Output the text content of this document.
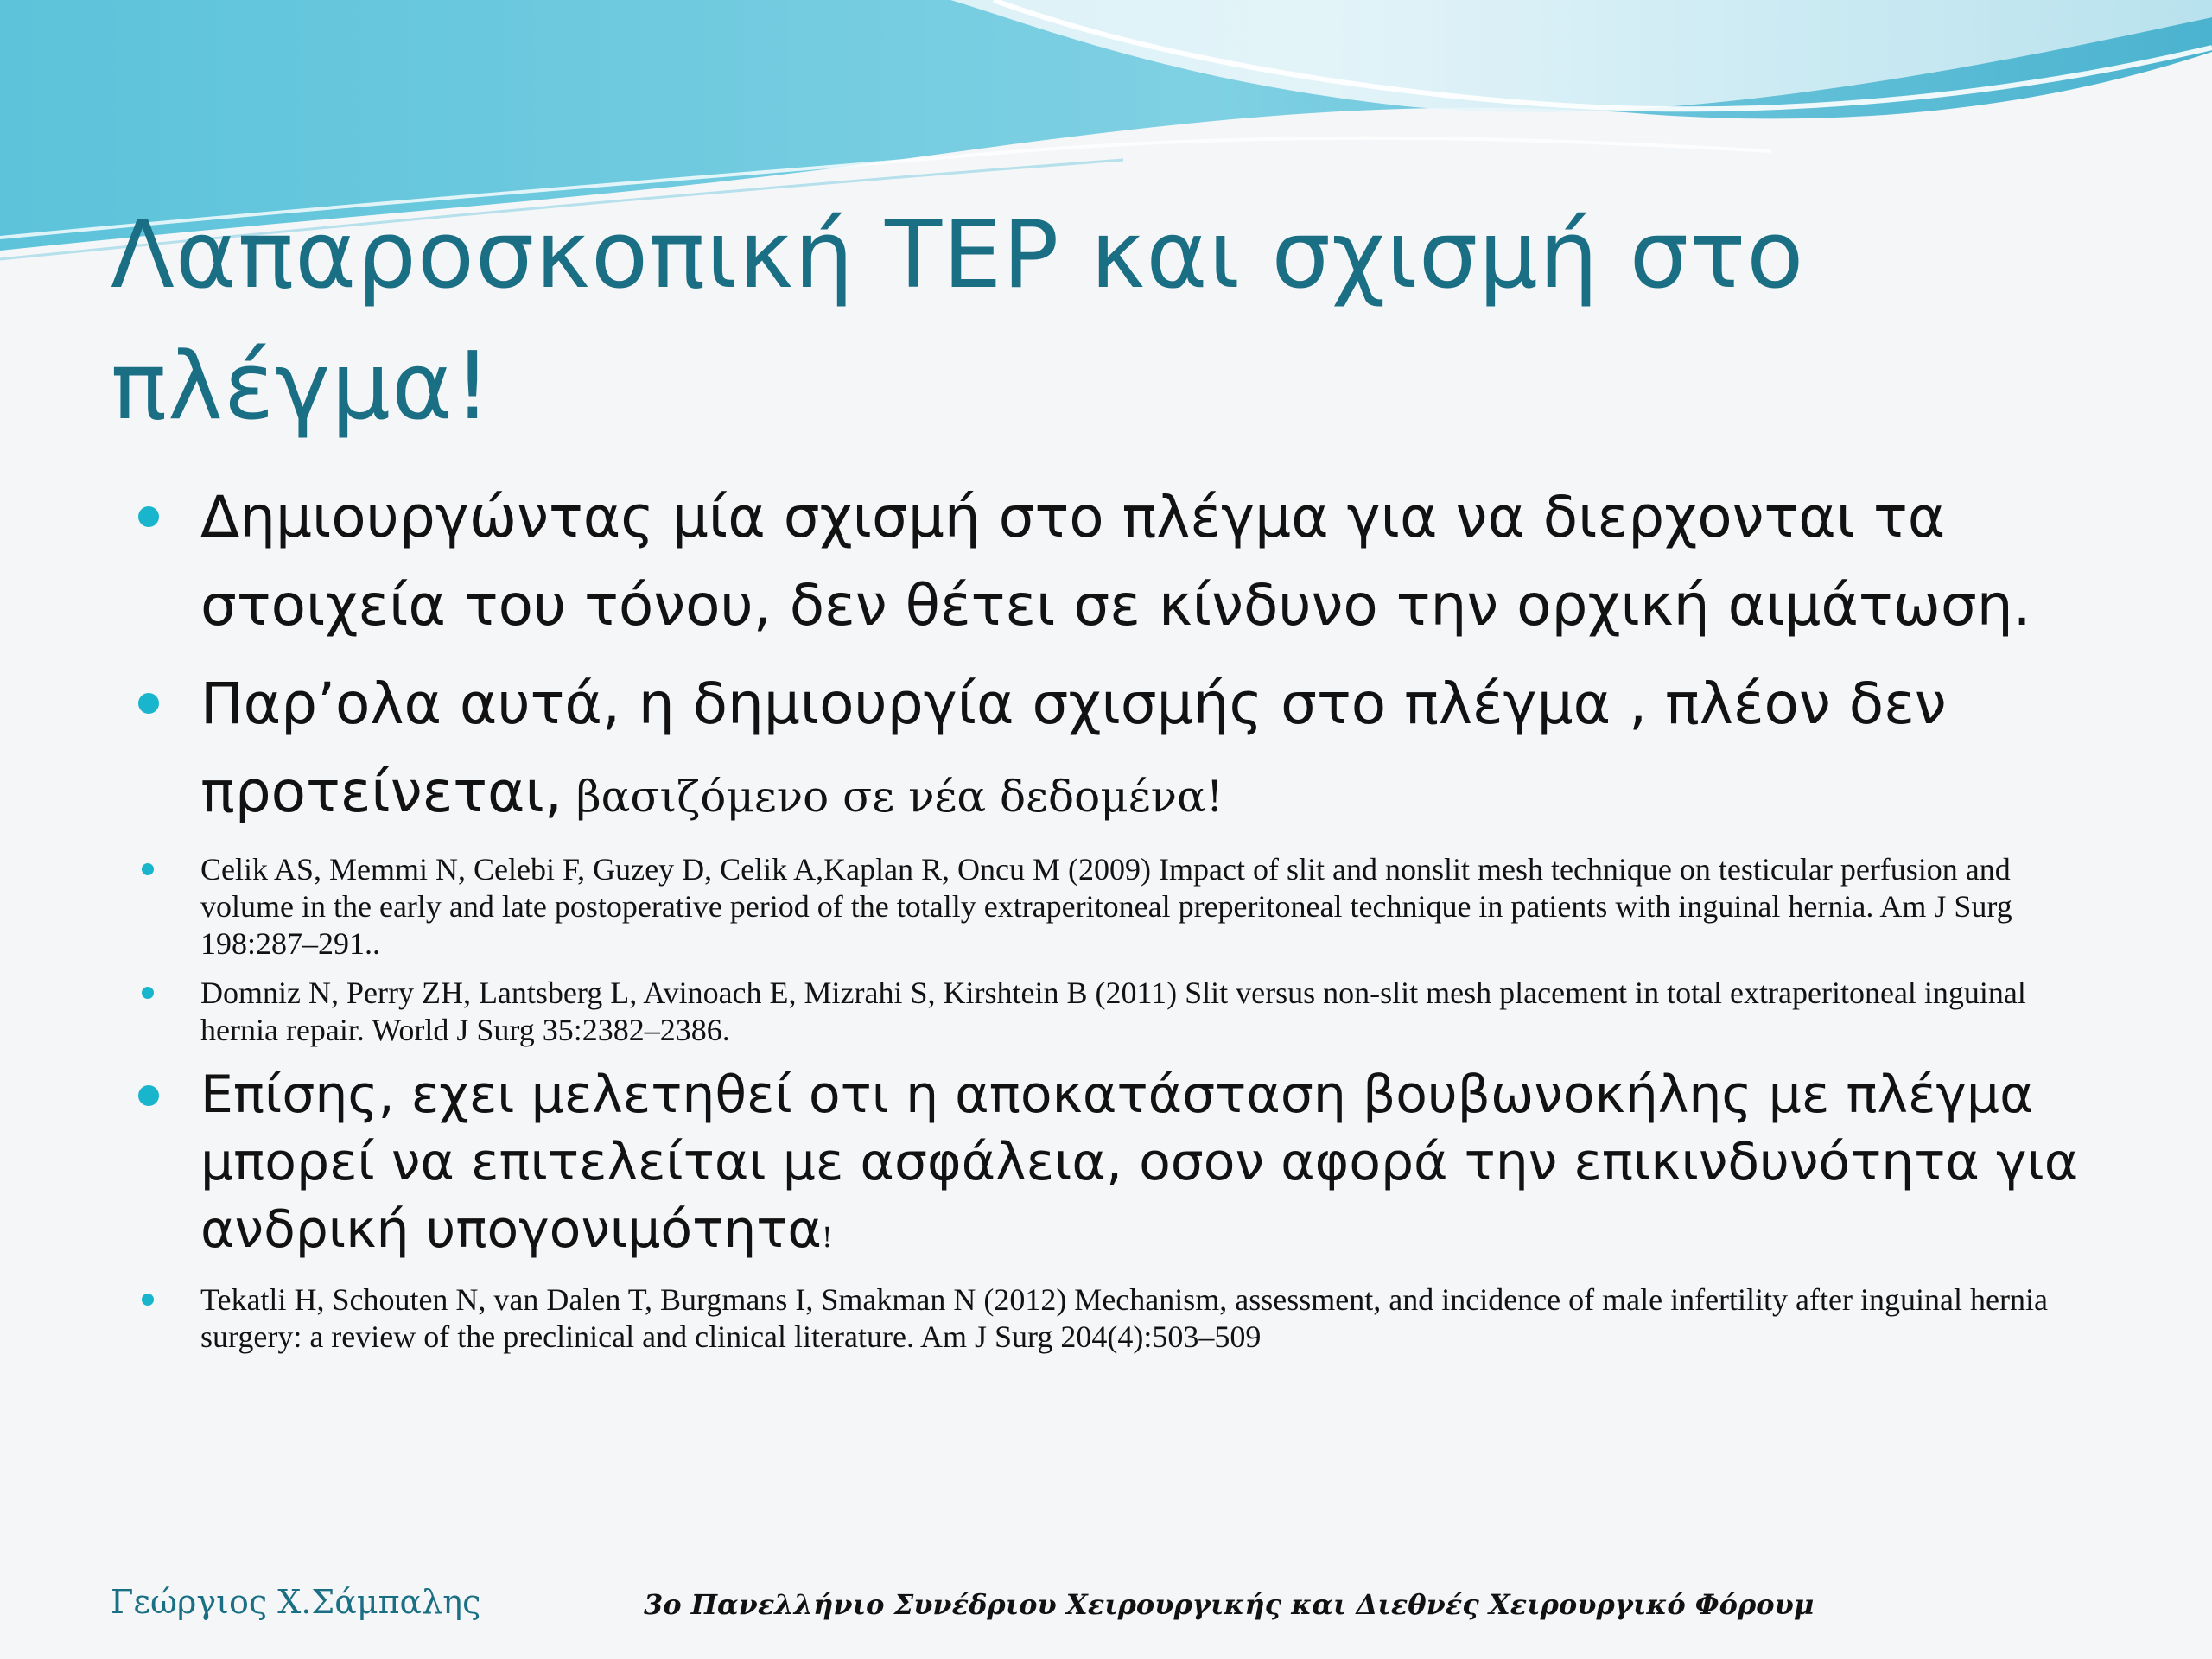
Λαπαροσκοπική TEP και σχισμή στο
πλέγμα!
Δημιουργώντας μία σχισμή στο πλέγμα για να διερχονται τα στοιχεία του τόνου, δεν θέτει σε κίνδυνο την ορχική αιμάτωση.
Παρ’ολα αυτά, η δημιουργία σχισμής στο πλέγμα , πλέον δεν προτείνεται, βασιζόμενο σε νέα δεδομένα!
Celik AS, Memmi N, Celebi F, Guzey D, Celik A,Kaplan R, Oncu M (2009) Impact of slit and nonslit mesh technique on testicular perfusion and volume in the early and late postoperative period of the totally extraperitoneal preperitoneal technique in patients with inguinal hernia. Am J Surg 198:287–291..
Domniz N, Perry ZH, Lantsberg L, Avinoach E, Mizrahi S, Kirshtein B (2011) Slit versus non-slit mesh placement in total extraperitoneal inguinal hernia repair. World J Surg 35:2382–2386.
Επίσης, εχει μελετηθεί οτι η αποκατάσταση βουβωνοκήλης με πλέγμα μπορεί να επιτελείται με ασφάλεια, οσον αφορά την επικινδυνότητα για ανδρική υπογονιμότητα!
Tekatli H, Schouten N, van Dalen T, Burgmans I, Smakman N (2012) Mechanism, assessment, and incidence of male infertility after inguinal hernia surgery: a review of the preclinical and clinical literature. Am J Surg 204(4):503–509
Γεώργιος Χ.Σάμπαλης	3ο Πανελλήνιο Συνέδριου Χειρουργικής και Διεθνές Χειρουργικό Φόρουμ
